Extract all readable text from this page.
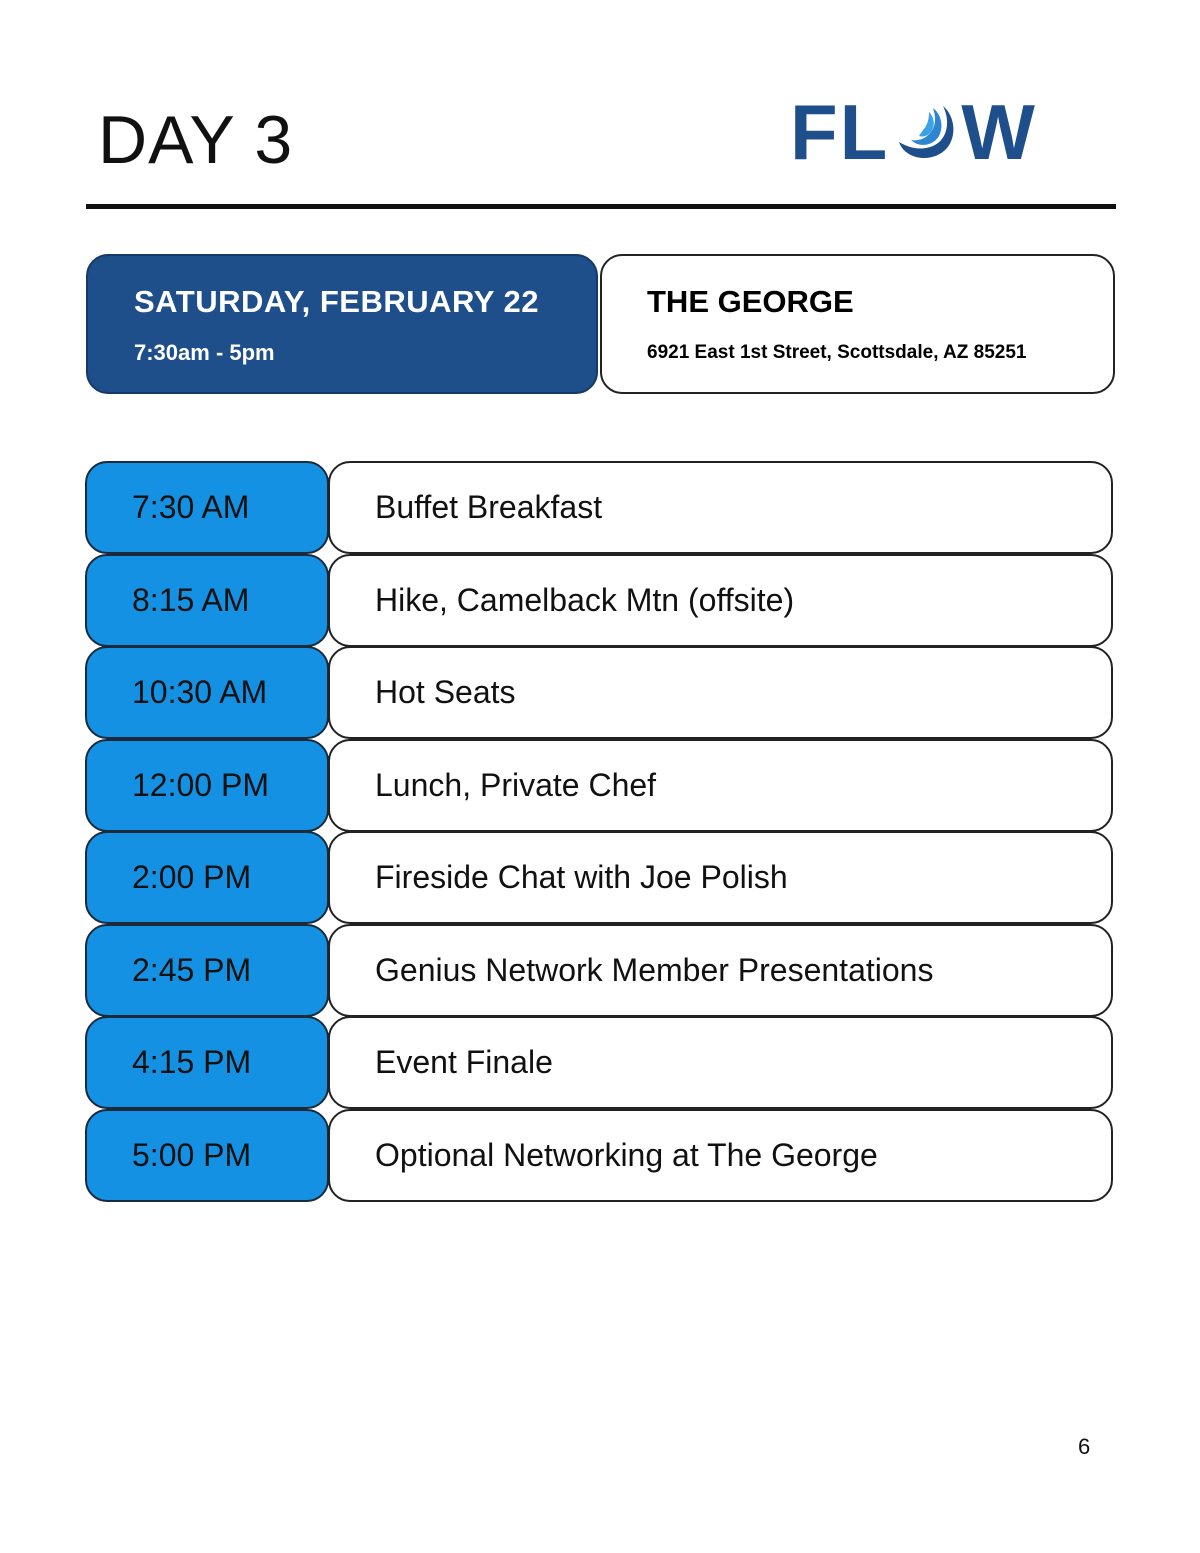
DAY 3	FL W
SATURDAY, FEBRUARY 22
7:30am - 5pm
THE GEORGE
6921 East 1st Street, Scottsdale, AZ 85251
7:30 AM	Buffet Breakfast
8:15 AM	Hike, Camelback Mtn (offsite)
10:30 AM	Hot Seats
12:00 PM	Lunch, Private Chef
2:00 PM	Fireside Chat with Joe Polish
2:45 PM	Genius Network Member Presentations
4:15 PM	Event Finale
5:00 PM	Optional Networking at The George
6
